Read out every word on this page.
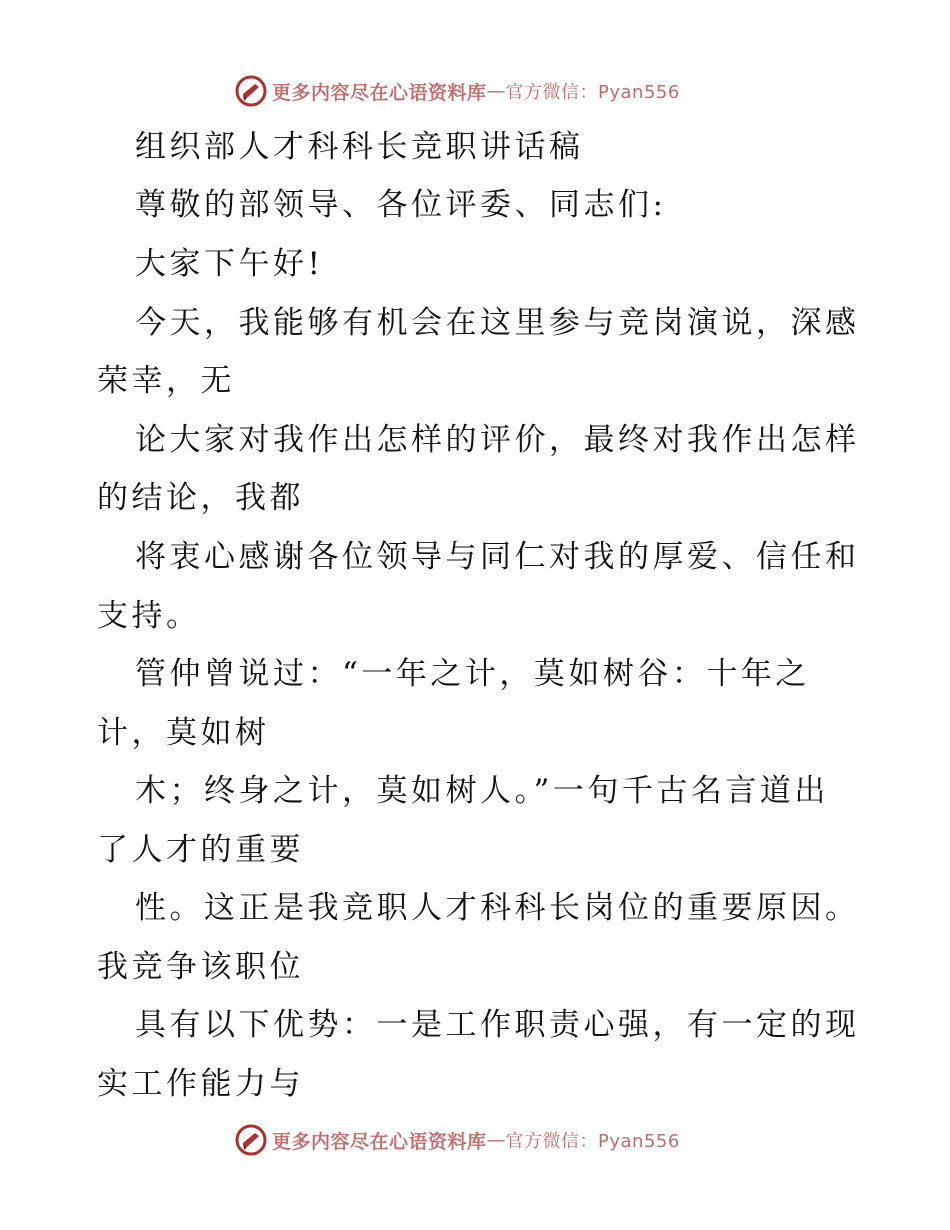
更多内容尽在心语资料库 — 官方微信：Pyan556
组织部人才科科长竞职讲话稿
尊敬的部领导、各位评委、同志们:
大家下午好!
今天，我能够有机会在这里参与竞岗演说，深感
荣幸，无
论大家对我作出怎样的评价，最终对我作出怎样
的结论，我都
将衷心感谢各位领导与同仁对我的厚爱、信任和
支持。
管仲曾说过：“一年之计，莫如树谷：十年之
计，莫如树
木；终身之计，莫如树人。”一句千古名言道出
了人才的重要
性。这正是我竞职人才科科长岗位的重要原因。
我竞争该职位
具有以下优势：一是工作职责心强，有一定的现
实工作能力与
更多内容尽在心语资料库 — 官方微信：Pyan556
